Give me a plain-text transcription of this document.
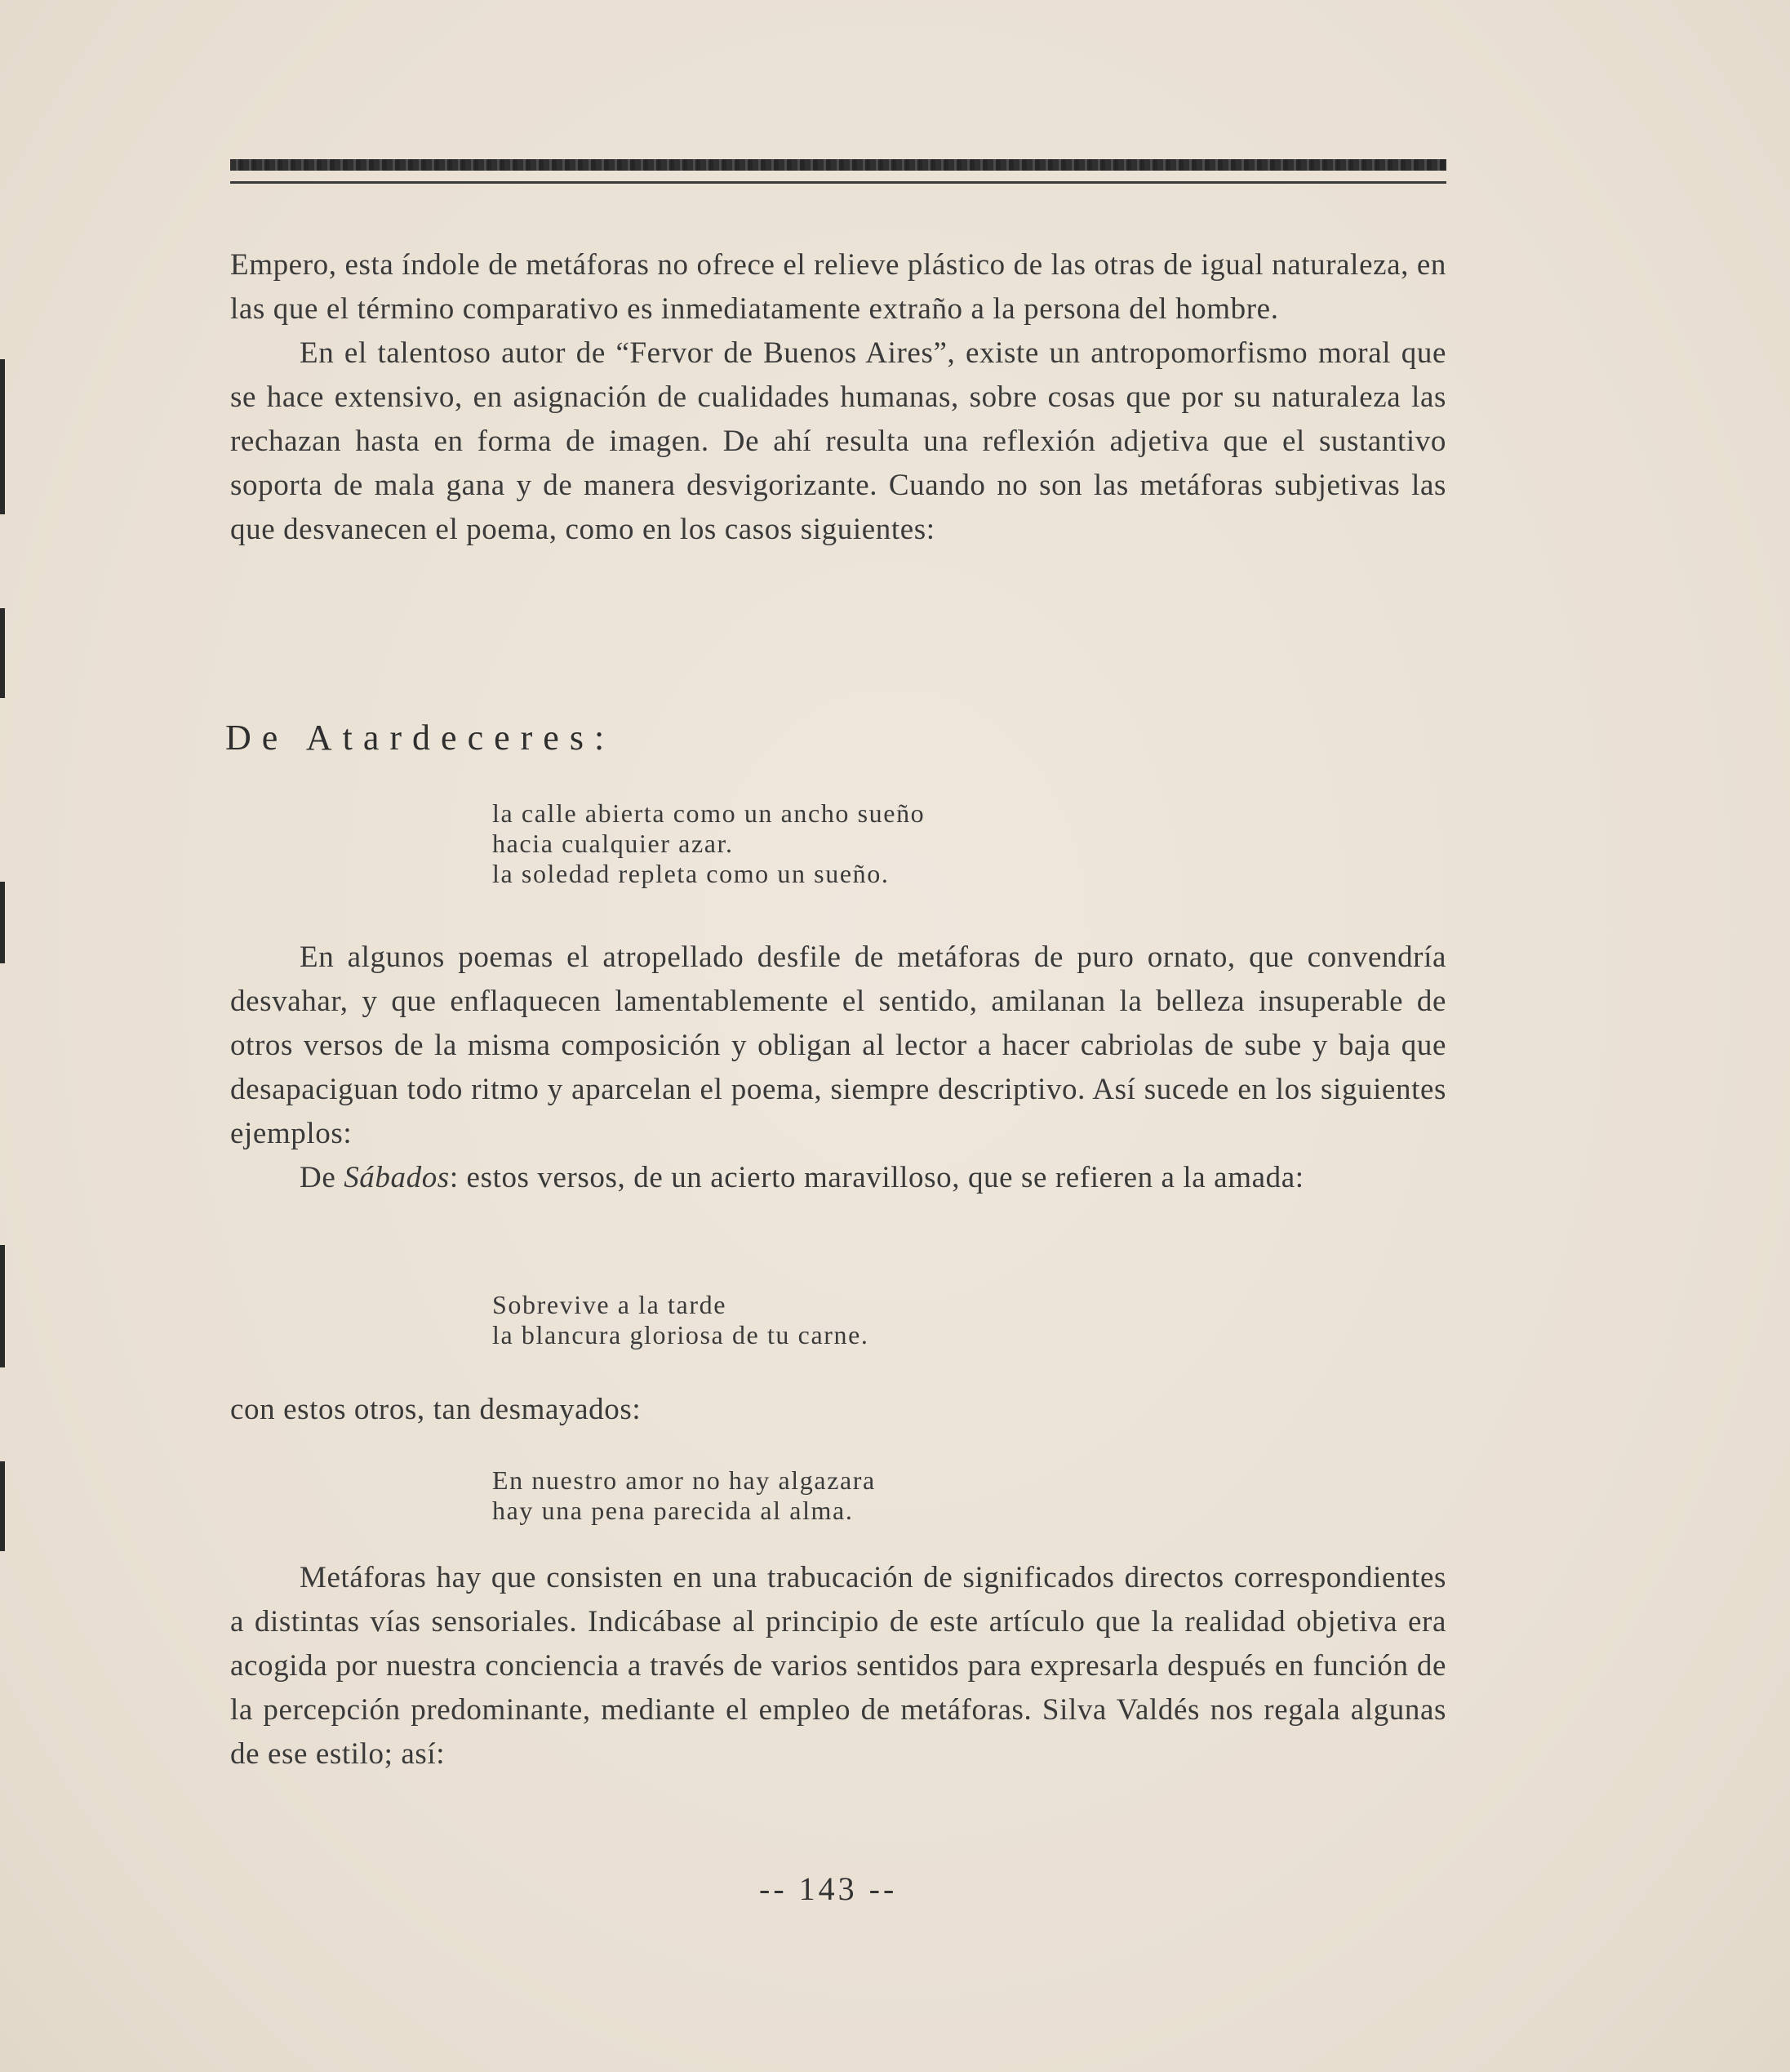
Empero, esta índole de metáforas no ofrece el relieve plástico de las otras de igual naturaleza, en las que el término comparativo es inmediatamente extraño a la persona del hombre.

En el talentoso autor de “Fervor de Buenos Aires”, existe un antropomorfismo moral que se hace extensivo, en asignación de cualidades humanas, sobre cosas que por su naturaleza las rechazan hasta en forma de imagen. De ahí resulta una reflexión adjetiva que el sustantivo soporta de mala gana y de manera desvigorizante. Cuando no son las metáforas subjetivas las que desvanecen el poema, como en los casos siguientes:

De Atardeceres:
la calle abierta como un ancho sueño
hacia cualquier azar.
la soledad repleta como un sueño.

En algunos poemas el atropellado desfile de metáforas de puro ornato, que convendría desvahar, y que enflaquecen lamentablemente el sentido, amilanan la belleza insuperable de otros versos de la misma composición y obligan al lector a hacer cabriolas de sube y baja que desapaciguan todo ritmo y aparcelan el poema, siempre descriptivo. Así sucede en los siguientes ejemplos:

De Sábados: estos versos, de un acierto maravilloso, que se refieren a la amada:

Sobrevive a la tarde
la blancura gloriosa de tu carne.

con estos otros, tan desmayados:

En nuestro amor no hay algazara
hay una pena parecida al alma.

Metáforas hay que consisten en una trabucación de significados directos correspondientes a distintas vías sensoriales. Indicábase al principio de este artículo que la realidad objetiva era acogida por nuestra conciencia a través de varios sentidos para expresarla después en función de la percepción predominante, mediante el empleo de metáforas. Silva Valdés nos regala algunas de ese estilo; así:

-- 143 --
